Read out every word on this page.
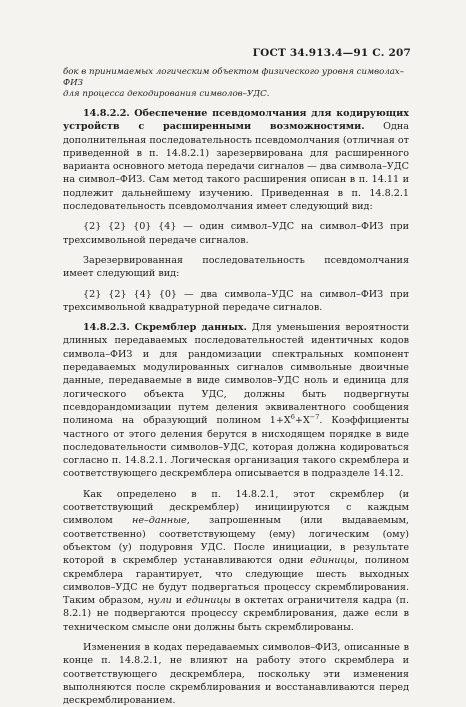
ГОСТ 34.913.4—91 С. 207
бок в принимаемых логическим объектом физического уровня символах–ФИЗ
для процесса декодирования символов–УДС.

14.8.2.2. Обеспечение псевдомолчания для кодирующих устройств с расширенными возможностями. Одна дополнительная последовательность псевдомолчания (отличная от приведенной в п. 14.8.2.1) зарезервирована для расширенного варианта основного метода передачи сигналов — два символа–УДС на символ–ФИЗ. Сам метод такого расширения описан в п. 14.11 и подлежит дальнейшему изучению. Приведенная в п. 14.8.2.1 последовательность псевдомолчания имеет следующий вид:

{2} {2} {0} {4} — один символ–УДС на символ–ФИЗ при трехсимвольной передаче сигналов.

Зарезервированная последовательность псевдомолчания имеет следующий вид:

{2} {2} {4} {0} — два символа–УДС на символ–ФИЗ при трехсимвольной квадратурной передаче сигналов.

14.8.2.3. Скремблер данных. Для уменьшения вероятности длинных передаваемых последовательностей идентичных кодов символа–ФИЗ и для рандомизации спектральных компонент передаваемых модулированных сигналов символьные двоичные данные, передаваемые в виде символов–УДС ноль и единица для логического объекта УДС, должны быть подвергнуты псевдорандомизации путем деления эквивалентного сообщения полинома на образующий полином $1+X^6+X^{-7}$. Коэффициенты частного от этого деления берутся в нисходящем порядке в виде последовательности символов–УДС, которая должна кодироваться согласно п. 14.8.2.1. Логическая организация такого скремблера и соответствующего дескремблера описывается в подразделе 14.12.

Как определено в п. 14.8.2.1, этот скремблер (и соответствующий дескремблер) инициируются с каждым символом не–данные, запрошенным (или выдаваемым, соответственно) соответствующему (ему) логическим (ому) объектом (у) подуровня УДС. После инициации, в результате которой в скремблер устанавливаются одни единицы, полином скремблера гарантирует, что следующие шесть выходных символов–УДС не будут подвергаться процессу скремблирования. Таким образом, нули и единицы в октетах ограничителя кадра (п. 8.2.1) не подвергаются процессу скремблирования, даже если в техническом смысле они должны быть скремблированы.

Изменения в кодах передаваемых символов–ФИЗ, описанные в конце п. 14.8.2.1, не влияют на работу этого скремблера и соответствующего дескремблера, поскольку эти изменения выполняются после скремблирования и восстанавливаются перед дескремблированием.
